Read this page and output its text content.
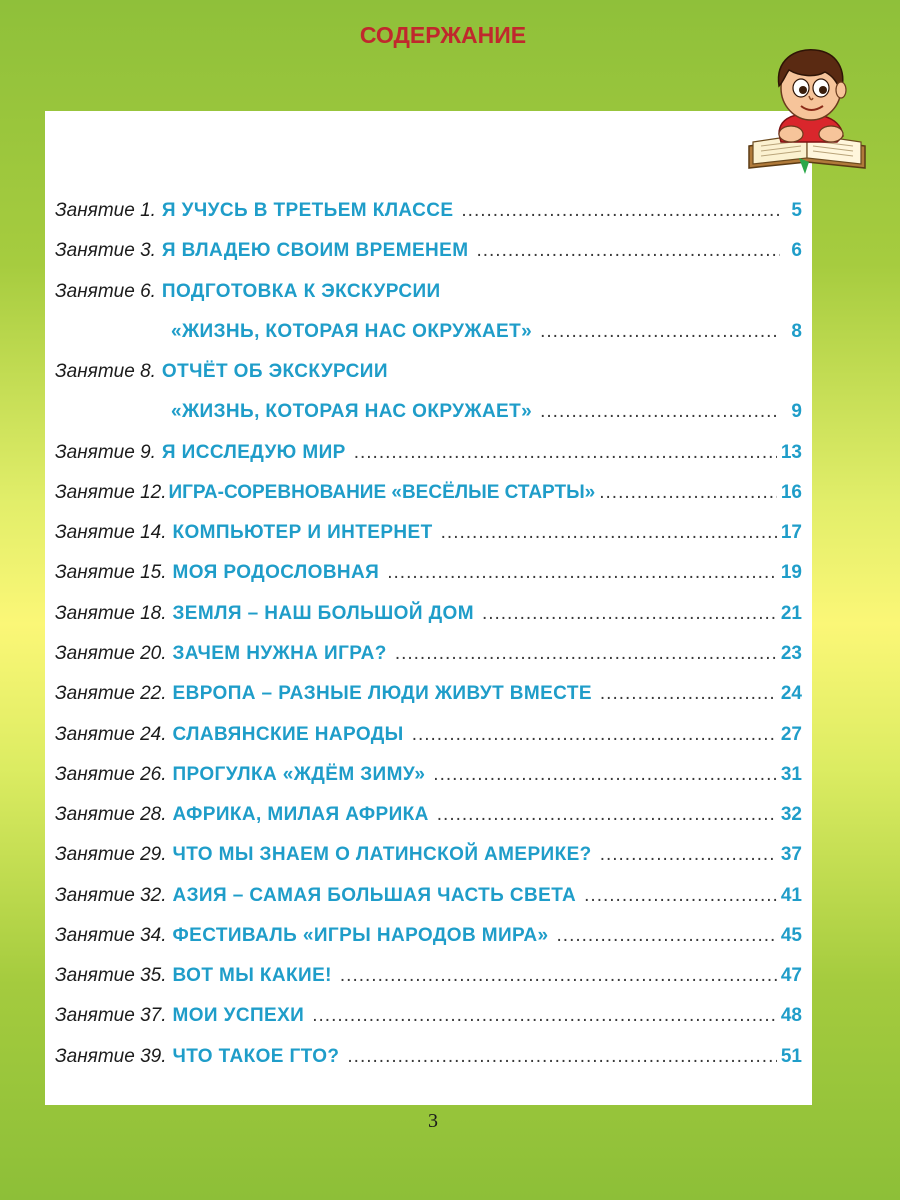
СОДЕРЖАНИЕ
Занятие 1. Я УЧУСЬ В ТРЕТЬЕМ КЛАССЕ .....	5
Занятие 3. Я ВЛАДЕЮ СВОИМ ВРЕМЕНЕМ .....	6
Занятие 6. ПОДГОТОВКА К ЭКСКУРСИИ
«ЖИЗНЬ, КОТОРАЯ НАС ОКРУЖАЕТ» .....	8
Занятие 8. ОТЧЁТ ОБ ЭКСКУРСИИ
«ЖИЗНЬ, КОТОРАЯ НАС ОКРУЖАЕТ» .....	9
Занятие 9. Я ИССЛЕДУЮ МИР .....	13
Занятие 12. ИГРА-СОРЕВНОВАНИЕ «ВЕСЁЛЫЕ СТАРТЫ» .....	16
Занятие 14. КОМПЬЮТЕР И ИНТЕРНЕТ .....	17
Занятие 15. МОЯ РОДОСЛОВНАЯ .....	19
Занятие 18. ЗЕМЛЯ – НАШ БОЛЬШОЙ ДОМ .....	21
Занятие 20. ЗАЧЕМ НУЖНА ИГРА? .....	23
Занятие 22. ЕВРОПА – РАЗНЫЕ ЛЮДИ ЖИВУТ ВМЕСТЕ .....	24
Занятие 24. СЛАВЯНСКИЕ НАРОДЫ .....	27
Занятие 26. ПРОГУЛКА «ЖДЁМ ЗИМУ» .....	31
Занятие 28. АФРИКА, МИЛАЯ АФРИКА .....	32
Занятие 29. ЧТО МЫ ЗНАЕМ О ЛАТИНСКОЙ АМЕРИКЕ? .....	37
Занятие 32. АЗИЯ – САМАЯ БОЛЬШАЯ ЧАСТЬ СВЕТА .....	41
Занятие 34. ФЕСТИВАЛЬ «ИГРЫ НАРОДОВ МИРА» .....	45
Занятие 35. ВОТ МЫ КАКИЕ! .....	47
Занятие 37. МОИ УСПЕХИ .....	48
Занятие 39. ЧТО ТАКОЕ ГТО? .....	51
3
